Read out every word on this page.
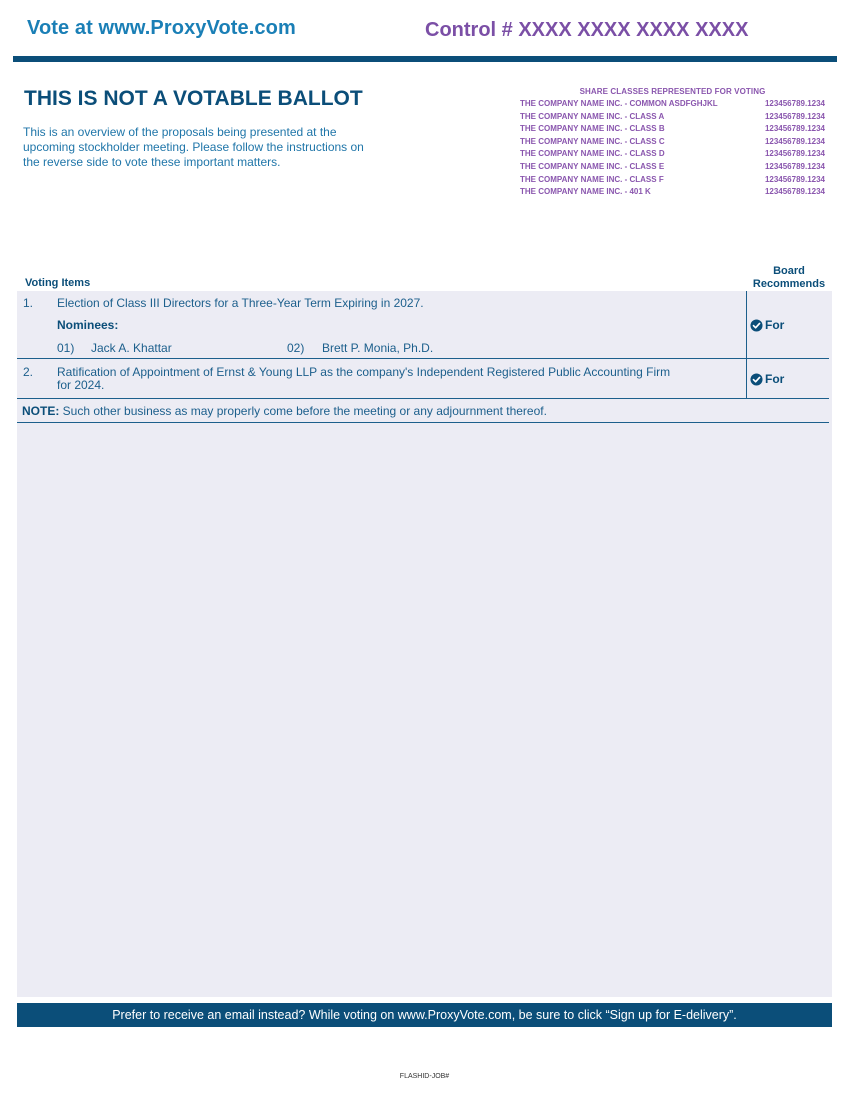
Vote at www.ProxyVote.com	Control # XXXX XXXX XXXX XXXX
THIS IS NOT A VOTABLE BALLOT
This is an overview of the proposals being presented at the
upcoming stockholder meeting. Please follow the instructions on
the reverse side to vote these important matters.
SHARE CLASSES REPRESENTED FOR VOTING
THE COMPANY NAME INC. - COMMON ASDFGHJKL	123456789.1234
THE COMPANY NAME INC. - CLASS A	123456789.1234
THE COMPANY NAME INC. - CLASS B	123456789.1234
THE COMPANY NAME INC. - CLASS C	123456789.1234
THE COMPANY NAME INC. - CLASS D	123456789.1234
THE COMPANY NAME INC. - CLASS E	123456789.1234
THE COMPANY NAME INC. - CLASS F	123456789.1234
THE COMPANY NAME INC. - 401 K	123456789.1234
Voting Items
Board
Recommends
1. Election of Class III Directors for a Three-Year Term Expiring in 2027.
Nominees:
01) Jack A. Khattar	02) Brett P. Monia, Ph.D.
For
2. Ratification of Appointment of Ernst & Young LLP as the company's Independent Registered Public Accounting Firm
for 2024.	For
NOTE: Such other business as may properly come before the meeting or any adjournment thereof.
Prefer to receive an email instead? While voting on www.ProxyVote.com, be sure to click “Sign up for E-delivery”.
FLASHID-JOB#
